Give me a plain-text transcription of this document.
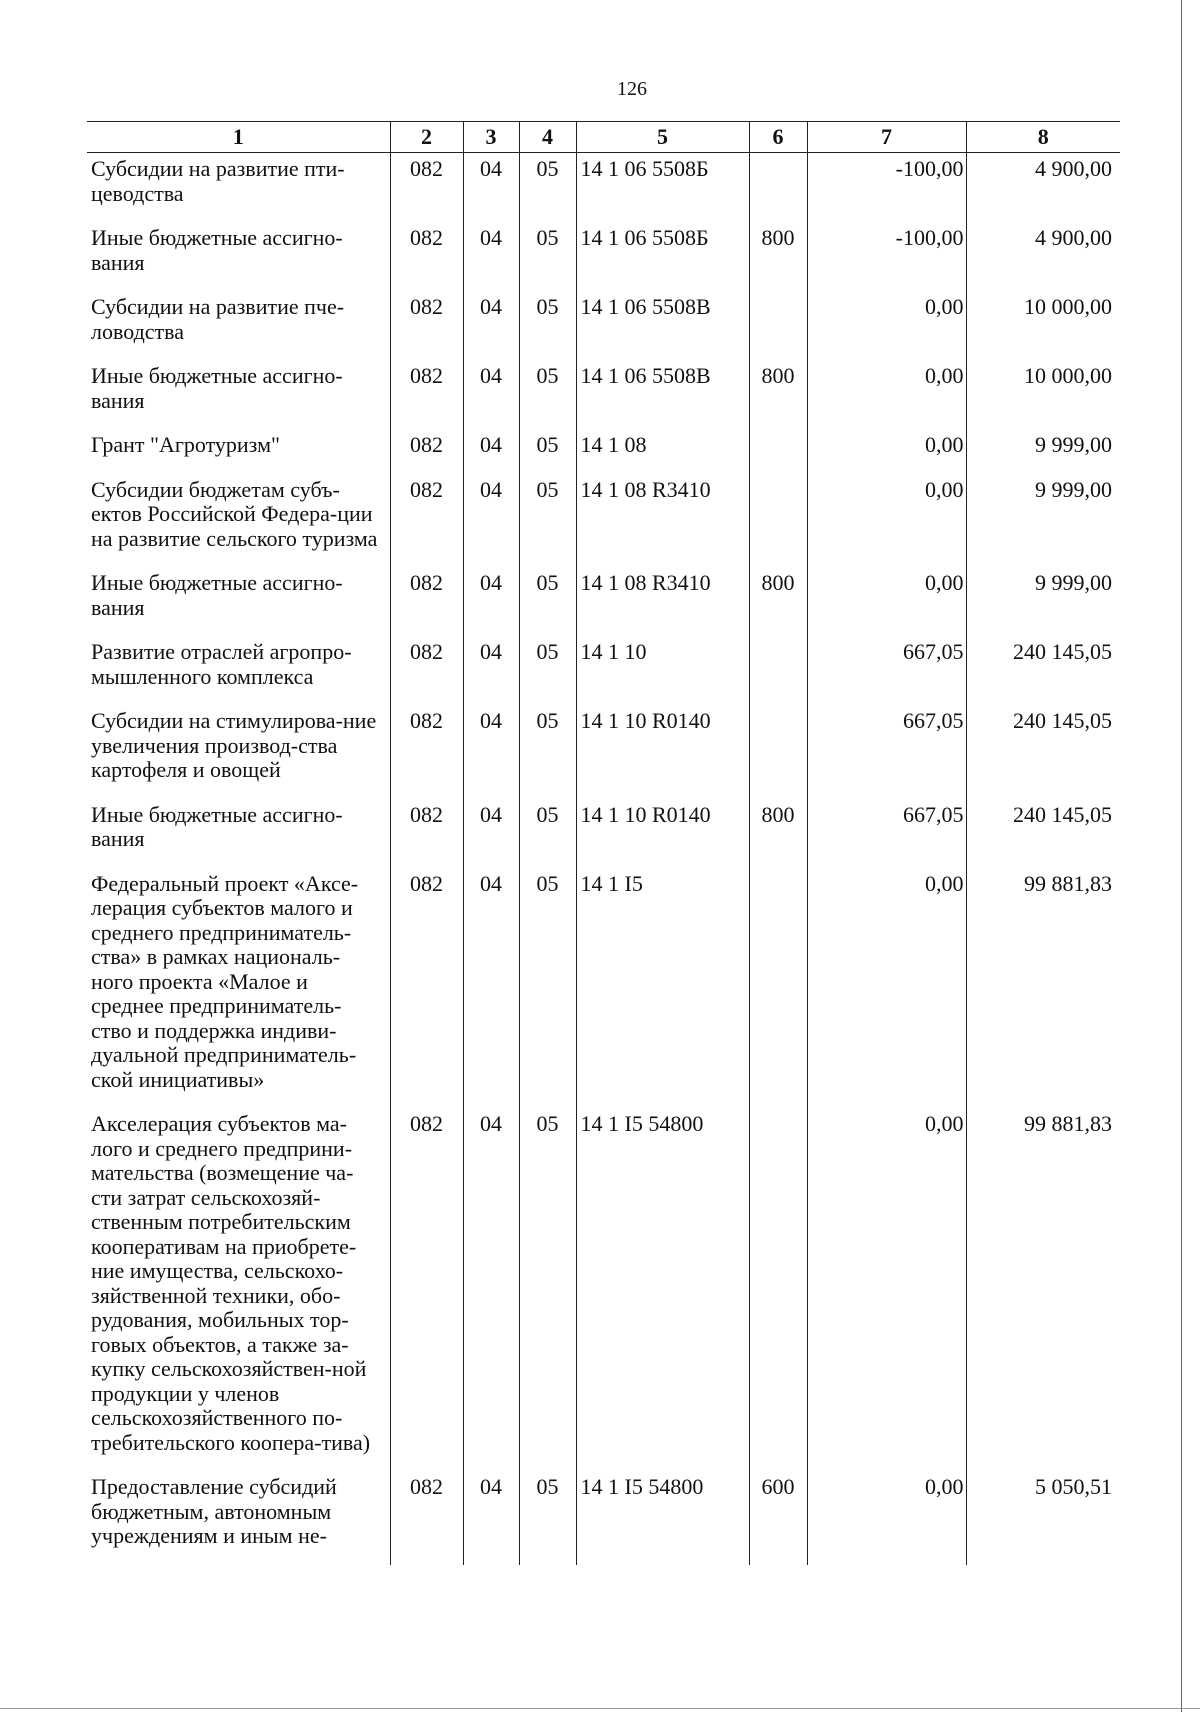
126
1	2	3	4	5	6	7	8
Субсидии на развитие пти-цеводства	082	04	05	14 1 06 5508Б		-100,00	4 900,00
Иные бюджетные ассигно-вания	082	04	05	14 1 06 5508Б	800	-100,00	4 900,00
Субсидии на развитие пче-ловодства	082	04	05	14 1 06 5508В		0,00	10 000,00
Иные бюджетные ассигно-вания	082	04	05	14 1 06 5508В	800	0,00	10 000,00
Грант "Агротуризм"	082	04	05	14 1 08		0,00	9 999,00
Субсидии бюджетам субъ-ектов Российской Федера-ции на развитие сельского туризма	082	04	05	14 1 08 R3410		0,00	9 999,00
Иные бюджетные ассигно-вания	082	04	05	14 1 08 R3410	800	0,00	9 999,00
Развитие отраслей агропро-мышленного комплекса	082	04	05	14 1 10		667,05	240 145,05
Субсидии на стимулирова-ние увеличения производ-ства картофеля и овощей	082	04	05	14 1 10 R0140		667,05	240 145,05
Иные бюджетные ассигно-вания	082	04	05	14 1 10 R0140	800	667,05	240 145,05
Федеральный проект «Аксе-лерация субъектов малого и среднего предприниматель-ства» в рамках националь-ного проекта «Малое и среднее предприниматель-ство и поддержка индиви-дуальной предприниматель-ской инициативы»	082	04	05	14 1 I5		0,00	99 881,83
Акселерация субъектов ма-лого и среднего предприни-мательства (возмещение ча-сти затрат сельскохозяй-ственным потребительским кооперативам на приобрете-ние имущества, сельскохо-зяйственной техники, обо-рудования, мобильных тор-говых объектов, а также за-купку сельскохозяйствен-ной продукции у членов сельскохозяйственного по-требительского коопера-тива)	082	04	05	14 1 I5 54800		0,00	99 881,83
Предоставление субсидий бюджетным, автономным учреждениям и иным не-	082	04	05	14 1 I5 54800	600	0,00	5 050,51
